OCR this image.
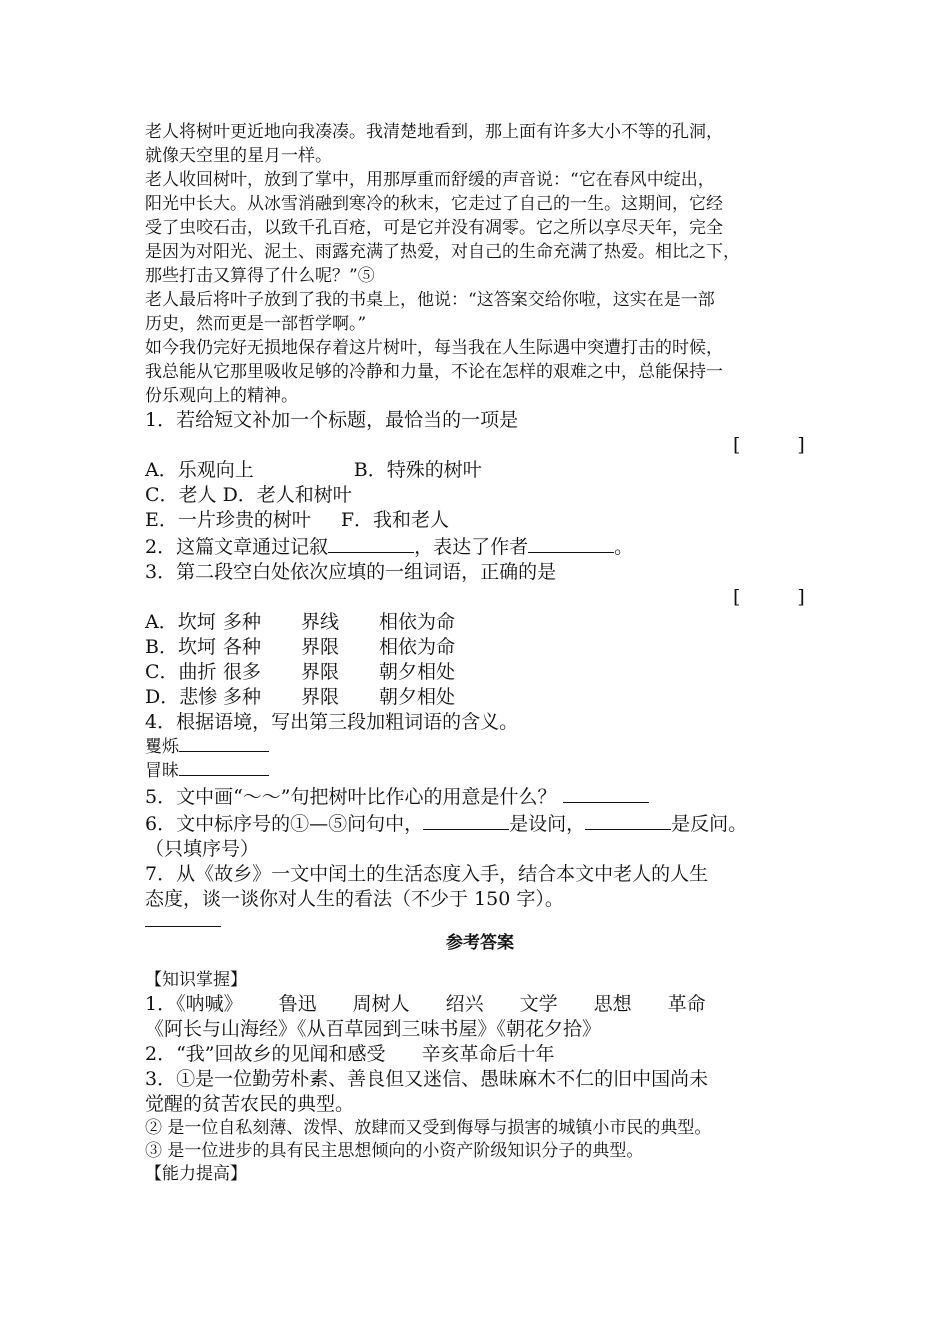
老人将树叶更近地向我凑凑。我清楚地看到，那上面有许多大小不等的孔洞，

就像天空里的星月一样。

老人收回树叶，放到了掌中，用那厚重而舒缓的声音说：“它在春风中绽出，

阳光中长大。从冰雪消融到寒冷的秋末，它走过了自己的一生。这期间，它经

受了虫咬石击，以致千孔百疮，可是它并没有凋零。它之所以享尽天年，完全

是因为对阳光、泥土、雨露充满了热爱，对自己的生命充满了热爱。相比之下，

那些打击又算得了什么呢？”⑤

老人最后将叶子放到了我的书桌上，他说：“这答案交给你啦，这实在是一部

历史，然而更是一部哲学啊。”

如今我仍完好无损地保存着这片树叶，每当我在人生际遇中突遭打击的时候，

我总能从它那里吸收足够的冷静和力量，不论在怎样的艰难之中，总能保持一

份乐观向上的精神。

1．若给短文补加一个标题，最恰当的一项是

[　　　]

A．乐观向上	B．特殊的树叶

C．老人 D．老人和树叶

E．一片珍贵的树叶 F．我和老人

2．这篇文章通过记叙	，表达了作者	。

3．第二段空白处依次应填的一组词语，正确的是

[　　　]

A．坎坷 多种 界线 相依为命

B．坎坷 各种 界限 相依为命

C．曲折 很多 界限 朝夕相处

D．悲惨 多种 界限 朝夕相处

4．根据语境，写出第三段加粗词语的含义。

矍烁

冒昧

5．文中画“～～”句把树叶比作心的用意是什么？

6．文中标序号的①—⑤问句中，	是设问，	是反问。

（只填序号）

7．从《故乡》一文中闰土的生活态度入手，结合本文中老人的人生

态度，谈一谈你对人生的看法（不少于 150 字）。

参考答案

【知识掌握】

1．《呐喊》 鲁迅 周树人 绍兴 文学 思想 革命

《阿长与山海经》《从百草园到三味书屋》《朝花夕拾》

2．“我”回故乡的见闻和感受 辛亥革命后十年

3．①是一位勤劳朴素、善良但又迷信、愚昧麻木不仁的旧中国尚未

觉醒的贫苦农民的典型。

② 是一位自私刻薄、泼悍、放肆而又受到侮辱与损害的城镇小市民的典型。

③ 是一位进步的具有民主思想倾向的小资产阶级知识分子的典型。

【能力提高】
